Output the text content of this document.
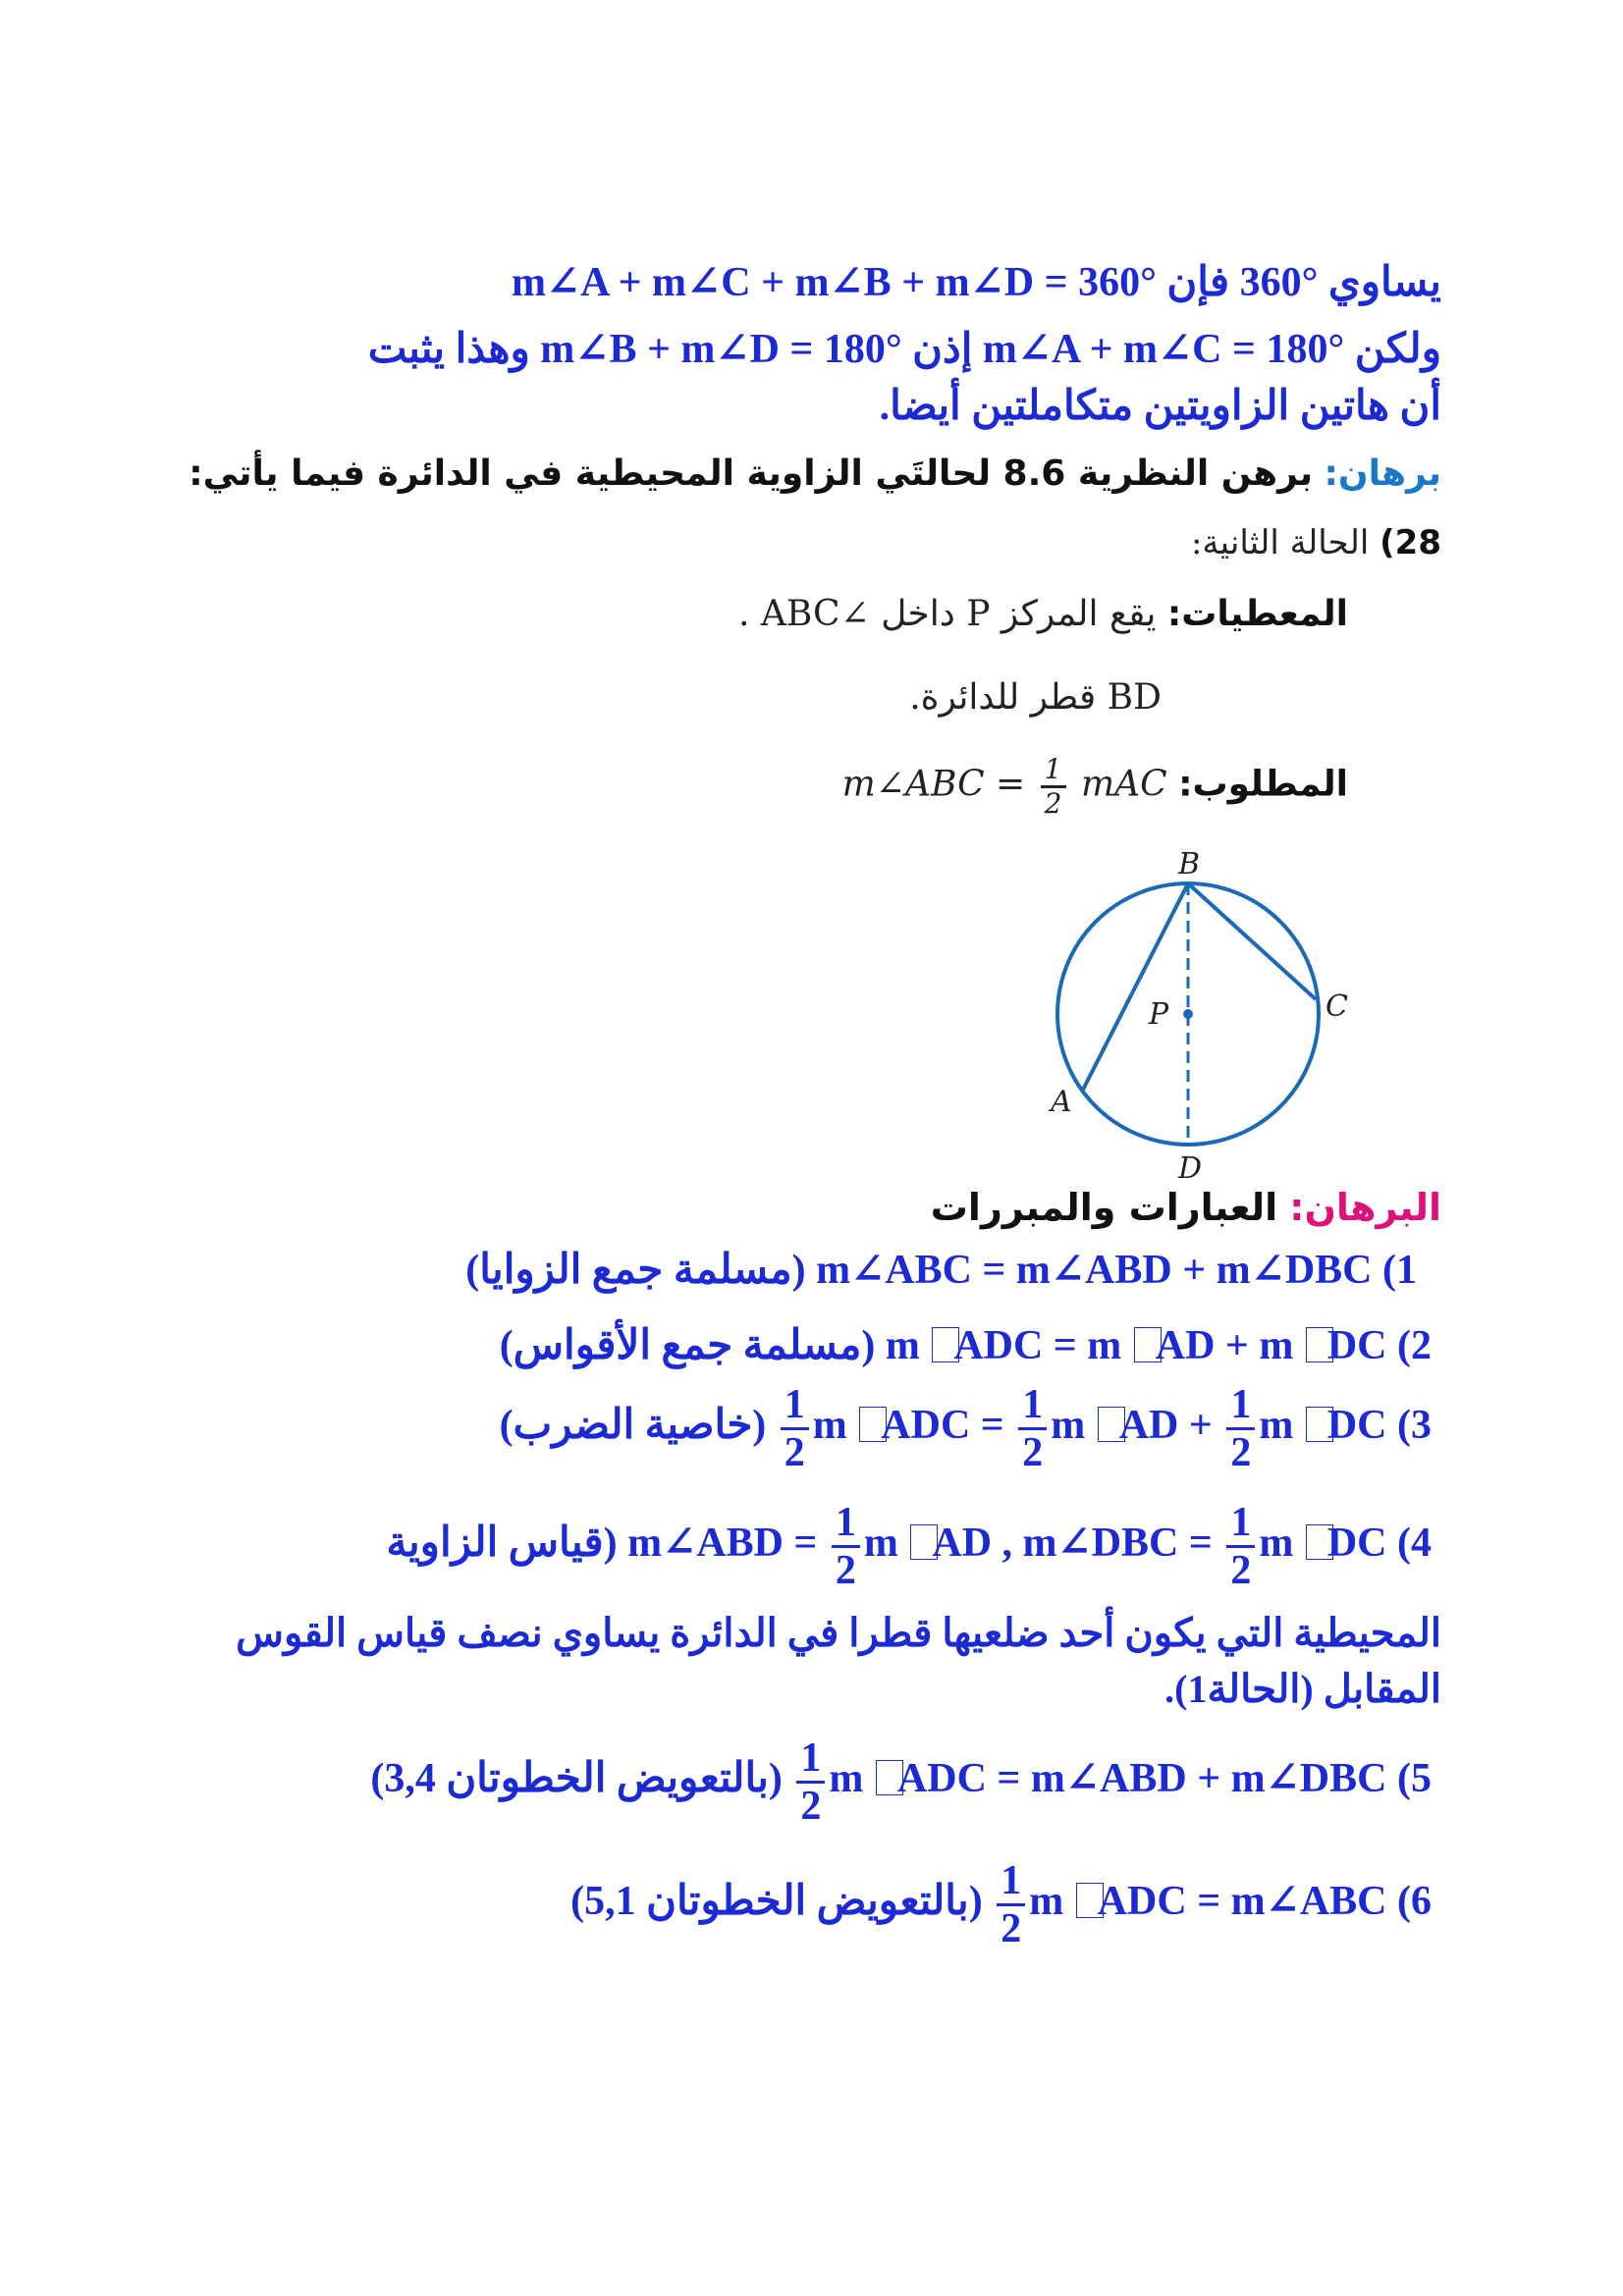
يساوي °360 فإن m∠A + m∠C + m∠B + m∠D = 360°
ولكن m∠A + m∠C = 180° إذن m∠B + m∠D = 180° وهذا يثبت
أن هاتين الزاويتين متكاملتين أيضا.
برهان: برهن النظرية 8.6 لحالتَي الزاوية المحيطية في الدائرة فيما يأتي:
28) الحالة الثانية:
المعطيات: يقع المركز P داخل ∠ABC .
BD قطر للدائرة.
المطلوب: m∠ABC = $\frac{1}{2}$ mAC
B
C
P
A
D
البرهان: العبارات والمبررات
1) m∠ABC = m∠ABD + m∠DBC (مسلمة جمع الزوايا)
2) m ADC = m AD + m DC (مسلمة جمع الأقواس)
3)
$\frac{1}{2}$ m ADC = $\frac{1}{2}$ m AD + $\frac{1}{2}$ m DC (خاصية الضرب)
4) m∠ABD = $\frac{1}{2}$ m AD , m∠DBC = $\frac{1}{2}$ m DC (قياس الزاوية
المحيطية التي يكون أحد ضلعيها قطرا في الدائرة يساوي نصف قياس القوس
المقابل (الحالة1).
5)
$\frac{1}{2}$ m ADC = m∠ABD + m∠DBC (بالتعويض الخطوتان 3,4)
6)
$\frac{1}{2}$ m ADC = m∠ABC (بالتعويض الخطوتان 5,1)
